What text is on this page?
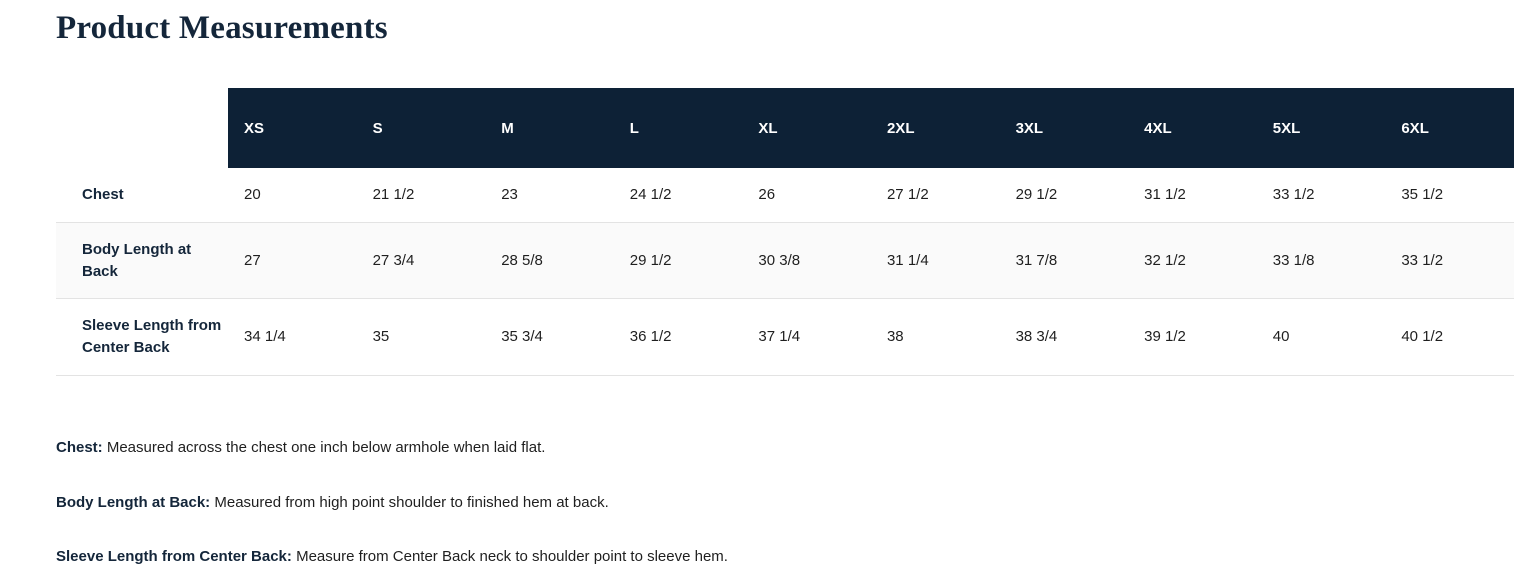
Product Measurements
	XS	S	M	L	XL	2XL	3XL	4XL	5XL	6XL
Chest	20	21 1/2	23	24 1/2	26	27 1/2	29 1/2	31 1/2	33 1/2	35 1/2
Body Length at Back	27	27 3/4	28 5/8	29 1/2	30 3/8	31 1/4	31 7/8	32 1/2	33 1/8	33 1/2
Sleeve Length from Center Back	34 1/4	35	35 3/4	36 1/2	37 1/4	38	38 3/4	39 1/2	40	40 1/2
Chest: Measured across the chest one inch below armhole when laid flat.
Body Length at Back: Measured from high point shoulder to finished hem at back.
Sleeve Length from Center Back: Measure from Center Back neck to shoulder point to sleeve hem.
